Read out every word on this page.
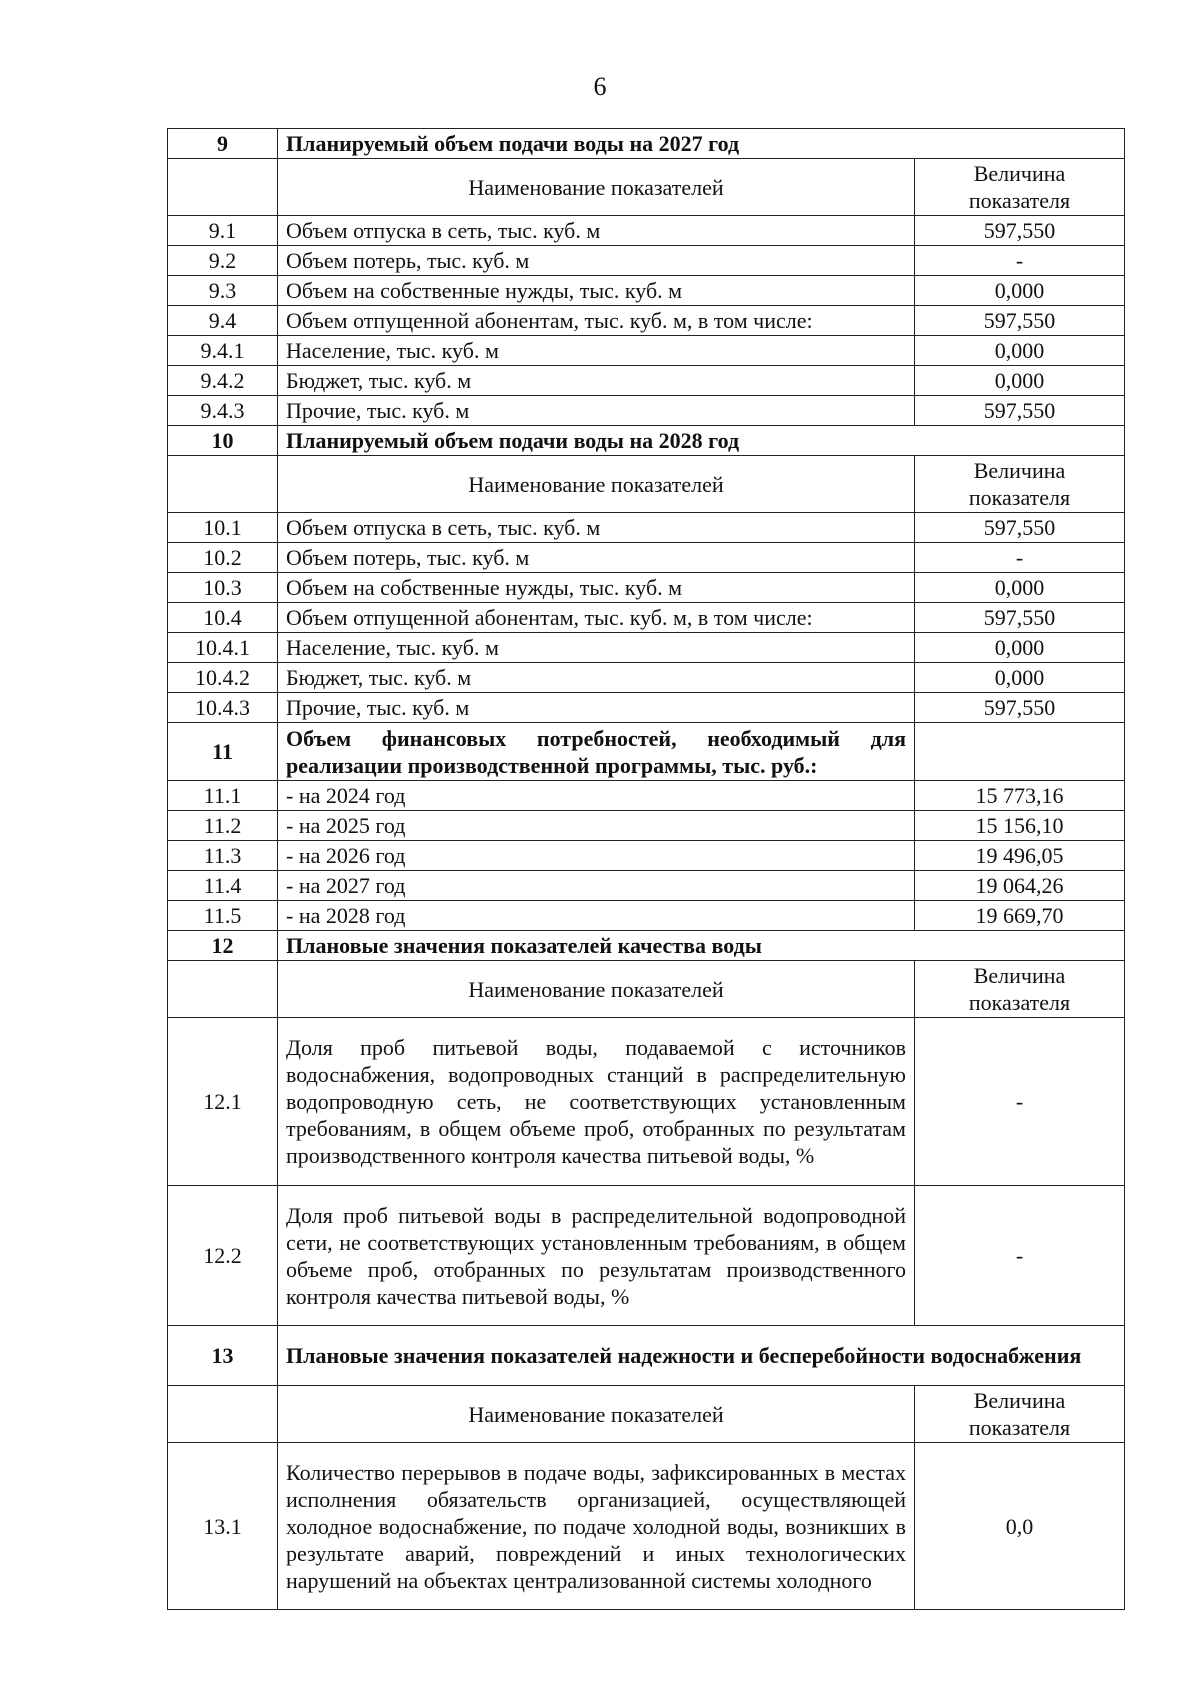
6
9	Планируемый объем подачи воды на 2027 год	
	Наименование показателей	Величина показателя
9.1	Объем отпуска в сеть, тыс. куб. м	597,550
9.2	Объем потерь, тыс. куб. м	-
9.3	Объем на собственные нужды, тыс. куб. м	0,000
9.4	Объем отпущенной абонентам, тыс. куб. м, в том числе:	597,550
9.4.1	Население, тыс. куб. м	0,000
9.4.2	Бюджет, тыс. куб. м	0,000
9.4.3	Прочие, тыс. куб. м	597,550
10	Планируемый объем подачи воды на 2028 год	
	Наименование показателей	Величина показателя
10.1	Объем отпуска в сеть, тыс. куб. м	597,550
10.2	Объем потерь, тыс. куб. м	-
10.3	Объем на собственные нужды, тыс. куб. м	0,000
10.4	Объем отпущенной абонентам, тыс. куб. м, в том числе:	597,550
10.4.1	Население, тыс. куб. м	0,000
10.4.2	Бюджет, тыс. куб. м	0,000
10.4.3	Прочие, тыс. куб. м	597,550
11	Объем финансовых потребностей, необходимый для реализации производственной программы, тыс. руб.:	
11.1	- на 2024 год	15 773,16
11.2	- на 2025 год	15 156,10
11.3	- на 2026 год	19 496,05
11.4	- на 2027 год	19 064,26
11.5	- на 2028 год	19 669,70
12	Плановые значения показателей качества воды	
	Наименование показателей	Величина показателя
12.1	Доля проб питьевой воды, подаваемой с источников водоснабжения, водопроводных станций в распределительную водопроводную сеть, не соответствующих установленным требованиям, в общем объеме проб, отобранных по результатам производственного контроля качества питьевой воды, %	-
12.2	Доля проб питьевой воды в распределительной водопроводной сети, не соответствующих установленным требованиям, в общем объеме проб, отобранных по результатам производственного контроля качества питьевой воды, %	-
13	Плановые значения показателей надежности и бесперебойности водоснабжения	
	Наименование показателей	Величина показателя
13.1	Количество перерывов в подаче воды, зафиксированных в местах исполнения обязательств организацией, осуществляющей холодное водоснабжение, по подаче холодной воды, возникших в результате аварий, повреждений и иных технологических нарушений на объектах централизованной системы холодного	0,0
